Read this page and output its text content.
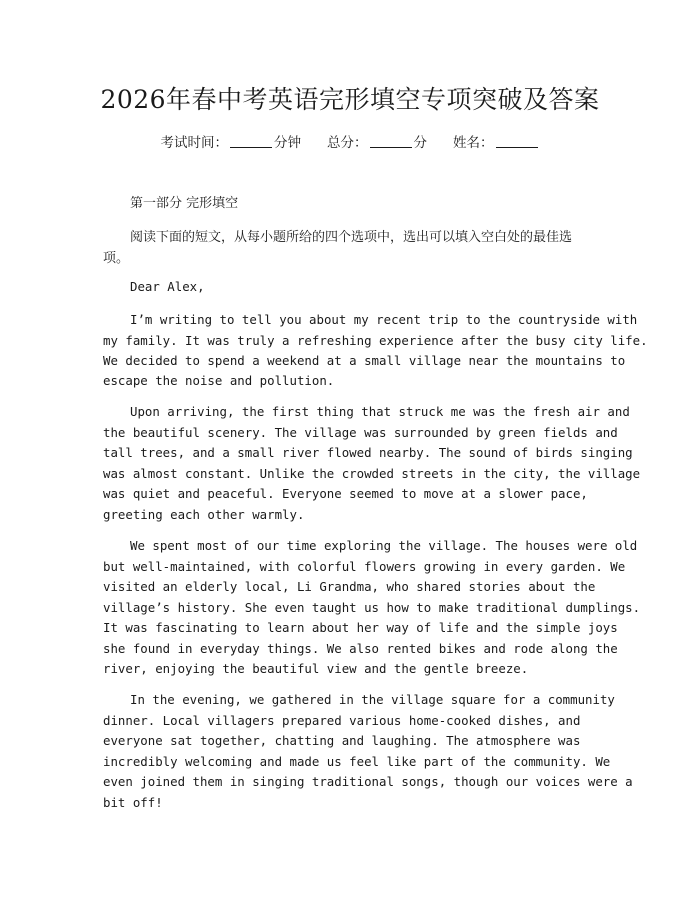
2026年春中考英语完形填空专项突破及答案
考试时间：	分钟 总分：	分 姓名：
第一部分 完形填空
阅读下面的短文，从每小题所给的四个选项中，选出可以填入空白处的最佳选
项。
Dear Alex,
I’m writing to tell you about my recent trip to the countryside with
my family. It was truly a refreshing experience after the busy city life.
We decided to spend a weekend at a small village near the mountains to
escape the noise and pollution.
Upon arriving, the first thing that struck me was the fresh air and
the beautiful scenery. The village was surrounded by green fields and
tall trees, and a small river flowed nearby. The sound of birds singing
was almost constant. Unlike the crowded streets in the city, the village
was quiet and peaceful. Everyone seemed to move at a slower pace,
greeting each other warmly.
We spent most of our time exploring the village. The houses were old
but well-maintained, with colorful flowers growing in every garden. We
visited an elderly local, Li Grandma, who shared stories about the
village’s history. She even taught us how to make traditional dumplings.
It was fascinating to learn about her way of life and the simple joys
she found in everyday things. We also rented bikes and rode along the
river, enjoying the beautiful view and the gentle breeze.
In the evening, we gathered in the village square for a community
dinner. Local villagers prepared various home-cooked dishes, and
everyone sat together, chatting and laughing. The atmosphere was
incredibly welcoming and made us feel like part of the community. We
even joined them in singing traditional songs, though our voices were a
bit off!
